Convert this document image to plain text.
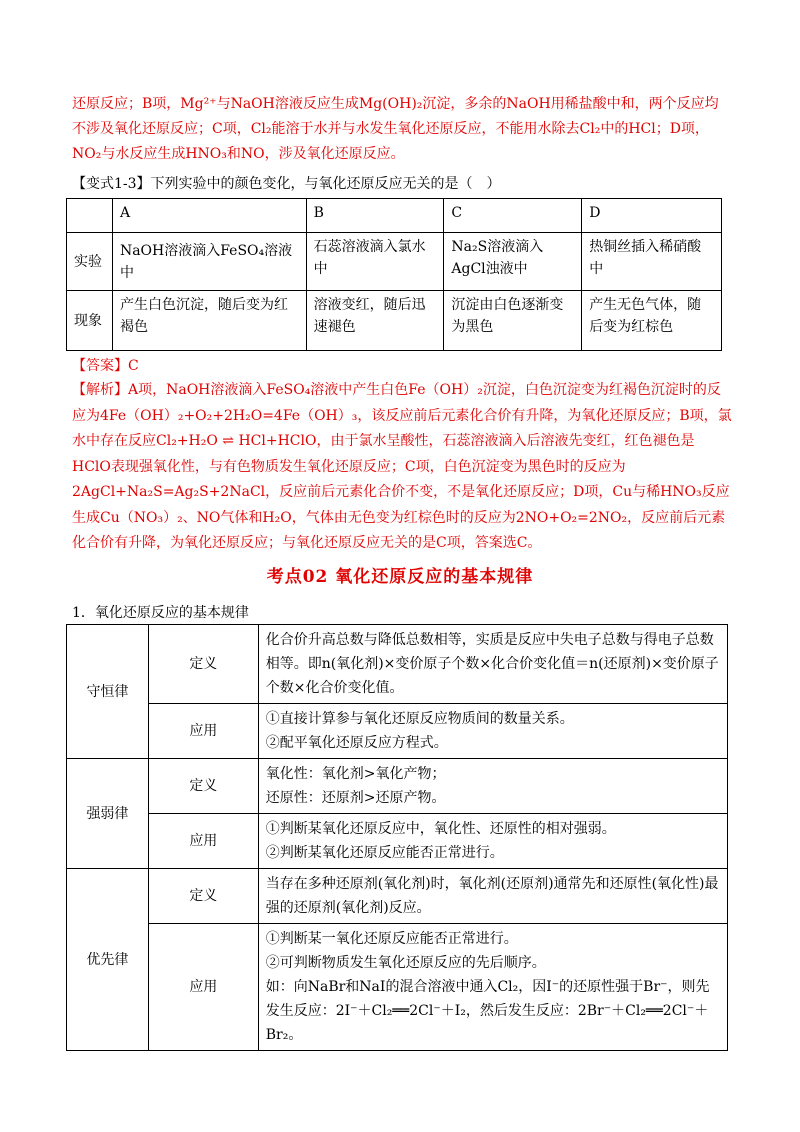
还原反应；B项，Mg²⁺与NaOH溶液反应生成Mg(OH)₂沉淀，多余的NaOH用稀盐酸中和，两个反应均不涉及氧化还原反应；C项，Cl₂能溶于水并与水发生氧化还原反应，不能用水除去Cl₂中的HCl；D项，NO₂与水反应生成HNO₃和NO，涉及氧化还原反应。
【变式1-3】下列实验中的颜色变化，与氧化还原反应无关的是（　）
	A	B	C	D
实验	NaOH溶液滴入FeSO₄溶液中	石蕊溶液滴入氯水中	Na₂S溶液滴入AgCl浊液中	热铜丝插入稀硝酸中
现象	产生白色沉淀，随后变为红褐色	溶液变红，随后迅速褪色	沉淀由白色逐渐变为黑色	产生无色气体，随后变为红棕色
【答案】C
【解析】A项，NaOH溶液滴入FeSO₄溶液中产生白色Fe（OH）₂沉淀，白色沉淀变为红褐色沉淀时的反应为4Fe（OH）₂+O₂+2H₂O=4Fe（OH）₃，该反应前后元素化合价有升降，为氧化还原反应；B项，氯水中存在反应Cl₂+H₂O ⇌ HCl+HClO，由于氯水呈酸性，石蕊溶液滴入后溶液先变红，红色褪色是HClO表现强氧化性，与有色物质发生氧化还原反应；C项，白色沉淀变为黑色时的反应为2AgCl+Na₂S=Ag₂S+2NaCl，反应前后元素化合价不变，不是氧化还原反应；D项，Cu与稀HNO₃反应生成Cu（NO₃）₂、NO气体和H₂O，气体由无色变为红棕色时的反应为2NO+O₂=2NO₂，反应前后元素化合价有升降，为氧化还原反应；与氧化还原反应无关的是C项，答案选C。
考点02 氧化还原反应的基本规律
1．氧化还原反应的基本规律
守恒律	定义	化合价升高总数与降低总数相等，实质是反应中失电子总数与得电子总数相等。即n(氧化剂)×变价原子个数×化合价变化值＝n(还原剂)×变价原子个数×化合价变化值。
	应用	①直接计算参与氧化还原反应物质间的数量关系。
②配平氧化还原反应方程式。
强弱律	定义	氧化性：氧化剂>氧化产物；
还原性：还原剂>还原产物。
	应用	①判断某氧化还原反应中，氧化性、还原性的相对强弱。
②判断某氧化还原反应能否正常进行。
优先律	定义	当存在多种还原剂(氧化剂)时，氧化剂(还原剂)通常先和还原性(氧化性)最强的还原剂(氧化剂)反应。
	应用	①判断某一氧化还原反应能否正常进行。
②可判断物质发生氧化还原反应的先后顺序。
如：向NaBr和NaI的混合溶液中通入Cl₂，因I⁻的还原性强于Br⁻，则先发生反应：2I⁻＋Cl₂══2Cl⁻＋I₂，然后发生反应：2Br⁻＋Cl₂══2Cl⁻＋Br₂。
